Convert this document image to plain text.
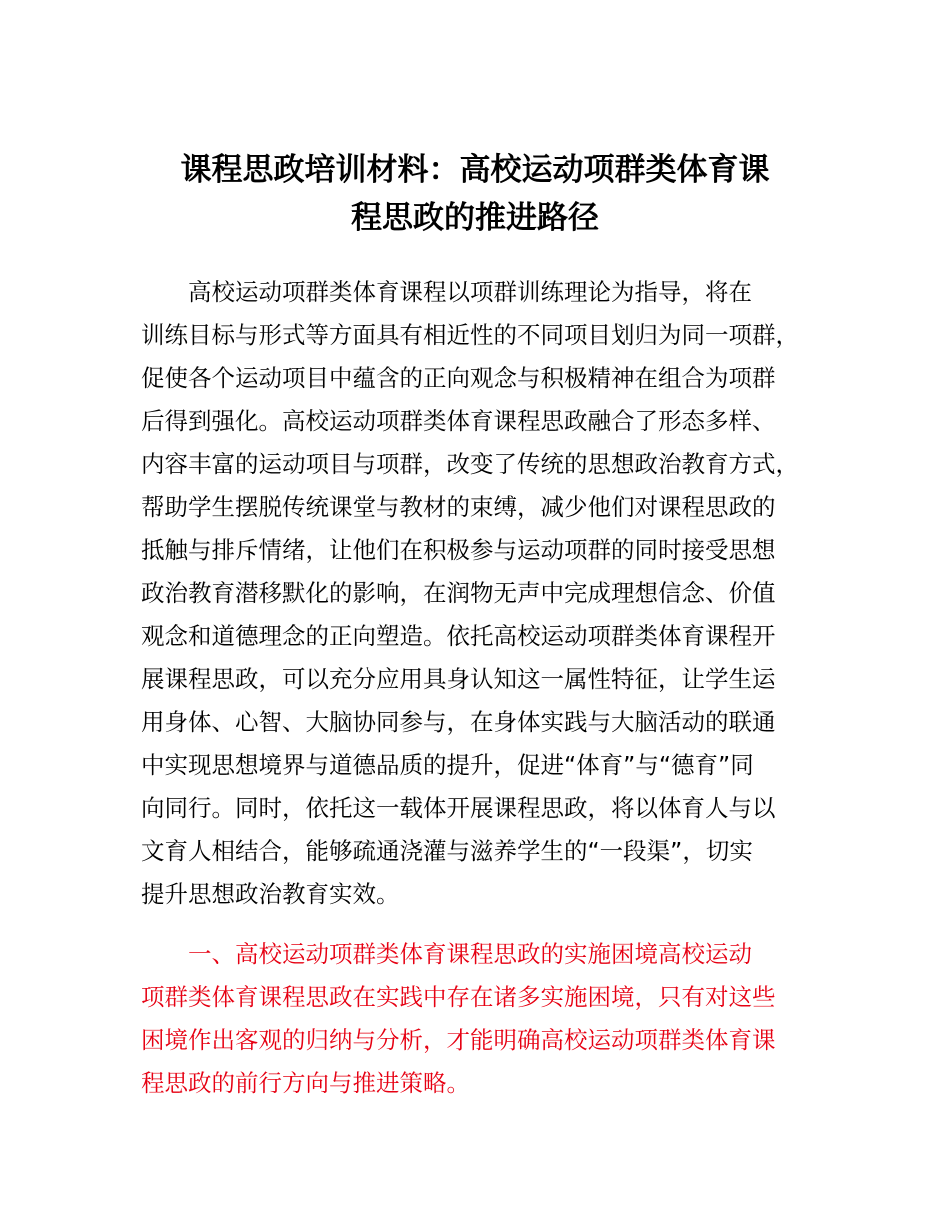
课程思政培训材料：高校运动项群类体育课
程思政的推进路径
高校运动项群类体育课程以项群训练理论为指导，将在
训练目标与形式等方面具有相近性的不同项目划归为同一项群，
促使各个运动项目中蕴含的正向观念与积极精神在组合为项群
后得到强化。高校运动项群类体育课程思政融合了形态多样、
内容丰富的运动项目与项群，改变了传统的思想政治教育方式，
帮助学生摆脱传统课堂与教材的束缚，减少他们对课程思政的
抵触与排斥情绪，让他们在积极参与运动项群的同时接受思想
政治教育潜移默化的影响，在润物无声中完成理想信念、价值
观念和道德理念的正向塑造。依托高校运动项群类体育课程开
展课程思政，可以充分应用具身认知这一属性特征，让学生运
用身体、心智、大脑协同参与，在身体实践与大脑活动的联通
中实现思想境界与道德品质的提升，促进“体育”与“德育”同
向同行。同时，依托这一载体开展课程思政，将以体育人与以
文育人相结合，能够疏通浇灌与滋养学生的“一段渠”，切实
提升思想政治教育实效。
一、高校运动项群类体育课程思政的实施困境高校运动
项群类体育课程思政在实践中存在诸多实施困境，只有对这些
困境作出客观的归纳与分析，才能明确高校运动项群类体育课
程思政的前行方向与推进策略。
